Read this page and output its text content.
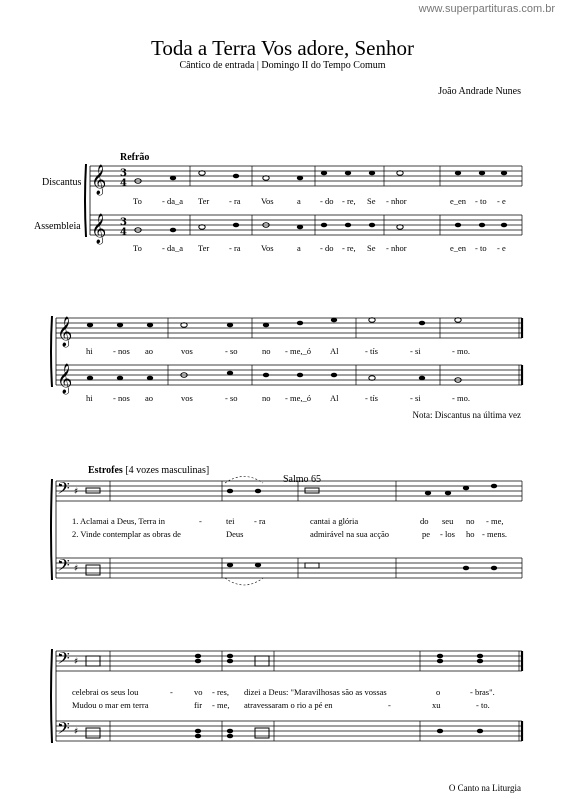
www.superpartituras.com.br
Toda a Terra Vos adore, Senhor
Cântico de entrada | Domingo II do Tempo Comum
João Andrade Nunes
Refrão
Discantus
Assembleia
To - da_a Ter - ra Vos	a - do - re, Se - nhor	e_en - to - e
To - da_a Ter - ra Vos	a - do - re, Se - nhor	e_en - to - e
hi - nos ao	vos	- so	no - me,_ó Al	- tís	- si	- mo.
hi - nos ao	vos	- so	no - me,_ó Al	- tís	- si	- mo.
Nota: Discantus na última vez
Estrofes [4 vozes masculinas]
Salmo 65
1. Aclamai a Deus, Terra in	-	tei - ra	cantai a glória	do seu no - me,
2. Vinde contemplar as obras de	Deus	admirável na sua acção	pe - los ho - mens.
celebrai os seus lou	- vo - res, dizei a Deus: "Maravilhosas são as vossas	o	- bras".
Mudou o mar em terra	fir - me, atravessaram o rio a pé en	-	xu	- to.
O Canto na Liturgia
𝄞 3
4
𝄞 3
4
𝄞
𝄞
𝄢 ♯
𝄢 ♯
𝄢 ♯
𝄢 ♯
